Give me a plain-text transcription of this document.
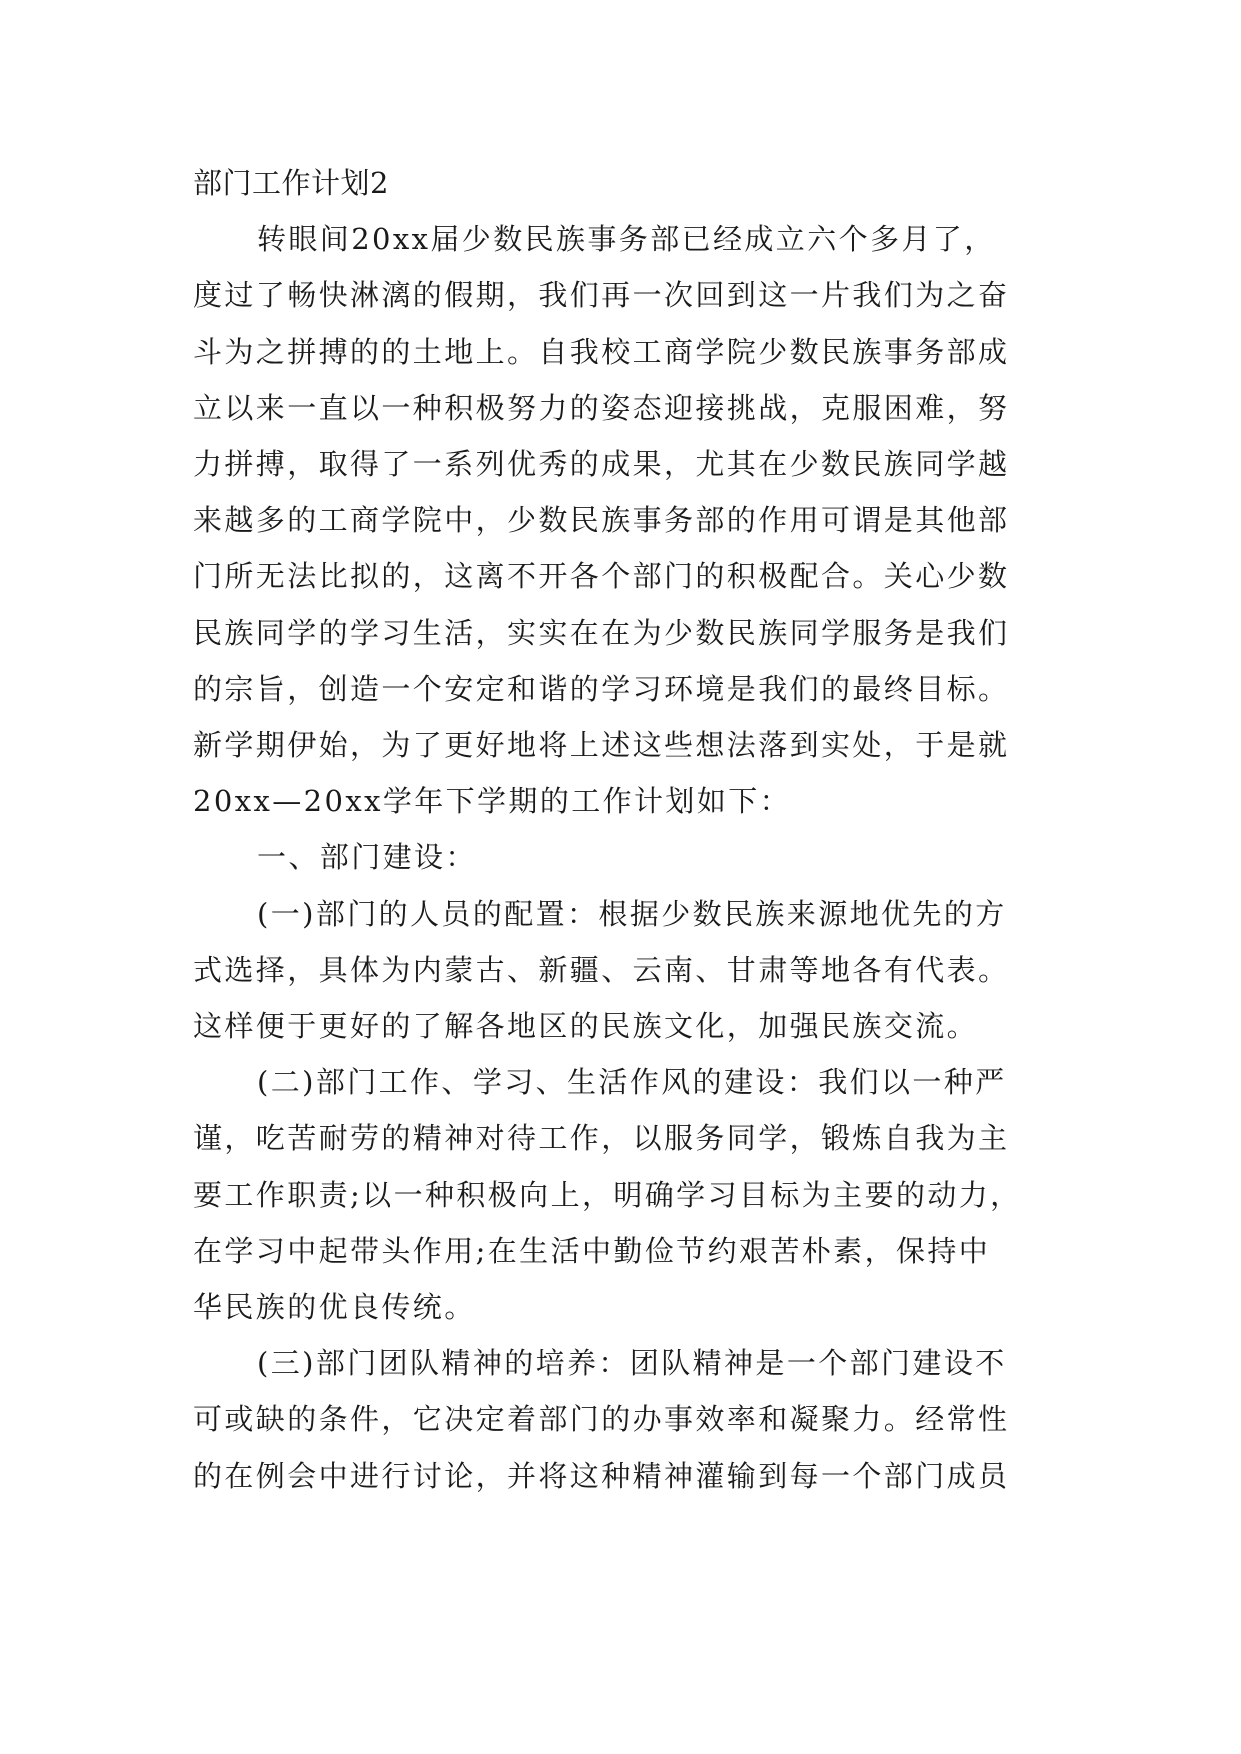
部门工作计划2
转眼间20xx届少数民族事务部已经成立六个多月了，
度过了畅快淋漓的假期，我们再一次回到这一片我们为之奋
斗为之拼搏的的土地上。自我校工商学院少数民族事务部成
立以来一直以一种积极努力的姿态迎接挑战，克服困难，努
力拼搏，取得了一系列优秀的成果，尤其在少数民族同学越
来越多的工商学院中，少数民族事务部的作用可谓是其他部
门所无法比拟的，这离不开各个部门的积极配合。关心少数
民族同学的学习生活，实实在在为少数民族同学服务是我们
的宗旨，创造一个安定和谐的学习环境是我们的最终目标。
新学期伊始，为了更好地将上述这些想法落到实处，于是就
20xx—20xx学年下学期的工作计划如下：
一、部门建设：
(一)部门的人员的配置：根据少数民族来源地优先的方
式选择，具体为内蒙古、新疆、云南、甘肃等地各有代表。
这样便于更好的了解各地区的民族文化，加强民族交流。
(二)部门工作、学习、生活作风的建设：我们以一种严
谨，吃苦耐劳的精神对待工作，以服务同学，锻炼自我为主
要工作职责;以一种积极向上，明确学习目标为主要的动力，
在学习中起带头作用;在生活中勤俭节约艰苦朴素，保持中
华民族的优良传统。
(三)部门团队精神的培养：团队精神是一个部门建设不
可或缺的条件，它决定着部门的办事效率和凝聚力。经常性
的在例会中进行讨论，并将这种精神灌输到每一个部门成员
